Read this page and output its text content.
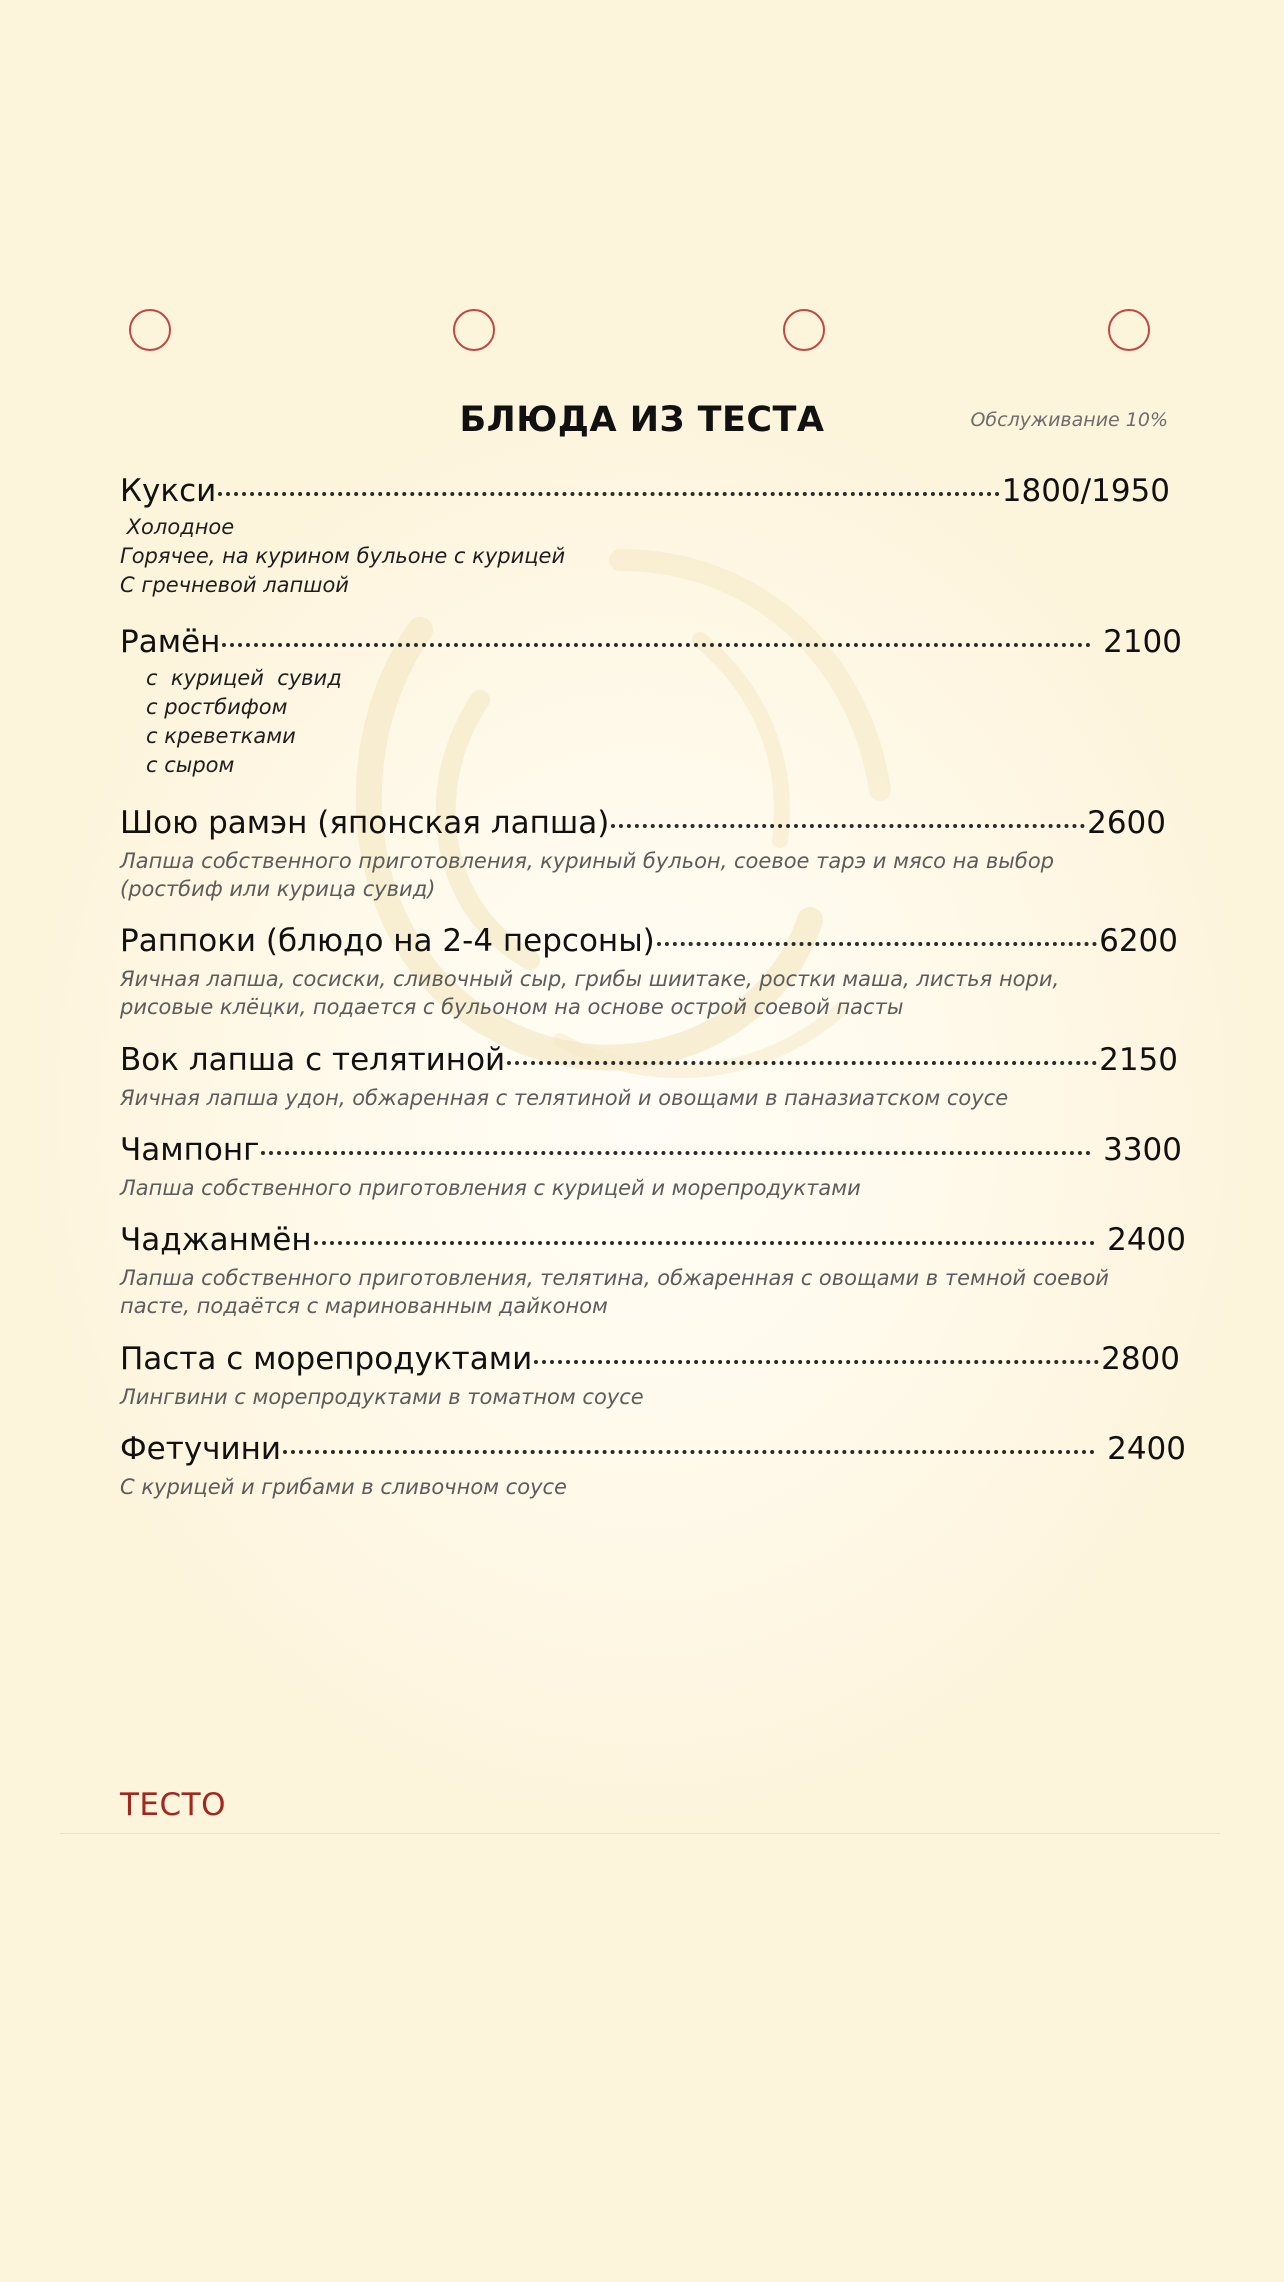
БЛЮДА ИЗ ТЕСТА	Обслуживание 10%
Кукси	1800/1950
Холодное
Горячее, на курином бульоне с курицей
С гречневой лапшой
Рамён	2100
с  курицей  сувид
с ростбифом
с креветками
с сыром
Шою рамэн (японская лапша)	2600
Лапша собственного приготовления, куриный бульон, соевое тарэ и мясо на выбор (ростбиф или курица сувид)
Раппоки (блюдо на 2-4 персоны)	6200
Яичная лапша, сосиски, сливочный сыр, грибы шиитаке, ростки маша, листья нори, рисовые клёцки, подается с бульоном на основе острой соевой пасты
Вок лапша с телятиной	2150
Яичная лапша удон, обжаренная с телятиной и овощами в паназиатском соусе
Чампонг	3300
Лапша собственного приготовления с курицей и морепродуктами
Чаджанмён	2400
Лапша собственного приготовления, телятина, обжаренная с овощами в темной соевой пасте, подаётся с маринованным дайконом
Паста с морепродуктами	2800
Лингвини с морепродуктами в томатном соусе
Фетучини	2400
С курицей и грибами в сливочном соусе
ТЕСТО
